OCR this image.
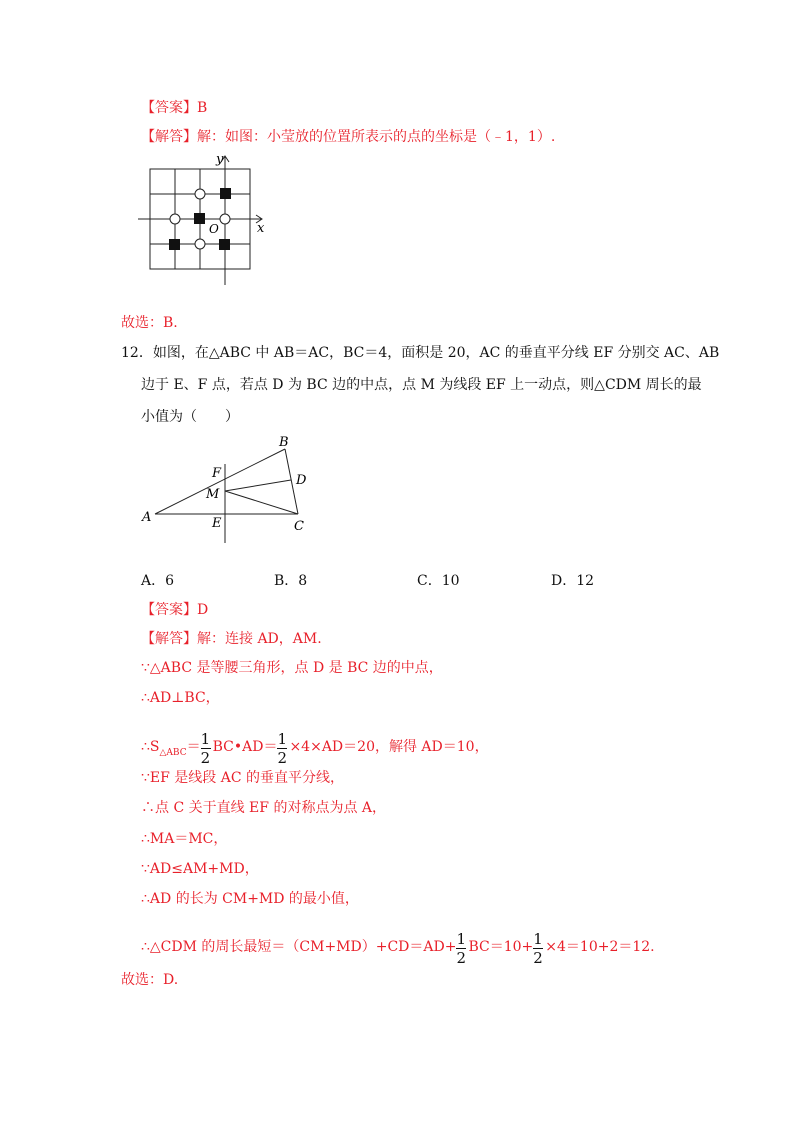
【答案】B
【解答】解：如图：小莹放的位置所表示的点的坐标是（﹣1，1）.
y
x
O
故选：B.
12．如图，在△ABC 中 AB＝AC，BC＝4，面积是 20，AC 的垂直平分线 EF 分别交 AC、AB
边于 E、F 点，若点 D 为 BC 边的中点，点 M 为线段 EF 上一动点，则△CDM 周长的最
小值为（　　）
B
A
C
D
E
F
M
A．6	B．8	C．10	D．12
【答案】D
【解答】解：连接 AD，AM.
∵△ABC 是等腰三角形，点 D 是 BC 边的中点，
∴AD⊥BC，
$\therefore S_{\triangle ABC}=$
$\frac{1}{2}$
BC•AD＝
$\frac{1}{2}$
×4×AD＝20，解得 AD＝10，
∵EF 是线段 AC 的垂直平分线，
∴点 C 关于直线 EF 的对称点为点 A，
∴MA＝MC，
∵AD≤AM+MD，
∴AD 的长为 CM+MD 的最小值，
∴△CDM 的周长最短＝（CM+MD）+CD＝AD+
$\frac{1}{2}$
BC＝10+
$\frac{1}{2}$
×4＝10+2＝12.
故选：D.
